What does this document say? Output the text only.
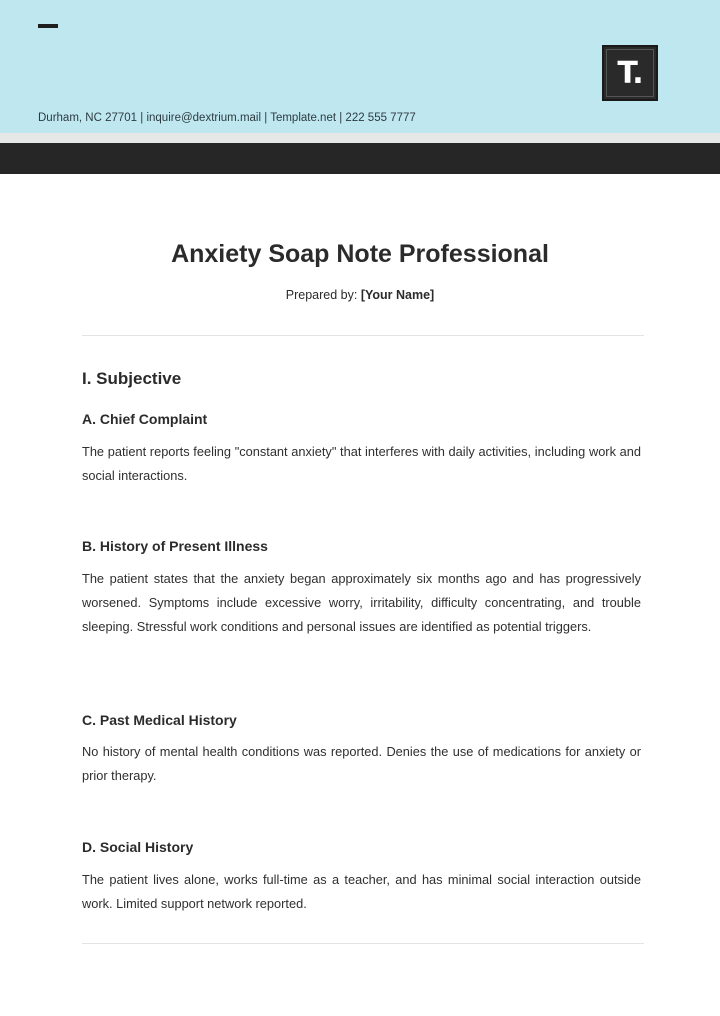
T.
Durham, NC 27701 | inquire@dextrium.mail | Template.net | 222 555 7777
Anxiety Soap Note Professional
Prepared by: [Your Name]
I. Subjective
A. Chief Complaint
The patient reports feeling "constant anxiety" that interferes with daily activities, including work and social interactions.
B. History of Present Illness
The patient states that the anxiety began approximately six months ago and has progressively worsened. Symptoms include excessive worry, irritability, difficulty concentrating, and trouble sleeping. Stressful work conditions and personal issues are identified as potential triggers.
C. Past Medical History
No history of mental health conditions was reported. Denies the use of medications for anxiety or prior therapy.
D. Social History
The patient lives alone, works full-time as a teacher, and has minimal social interaction outside work. Limited support network reported.
